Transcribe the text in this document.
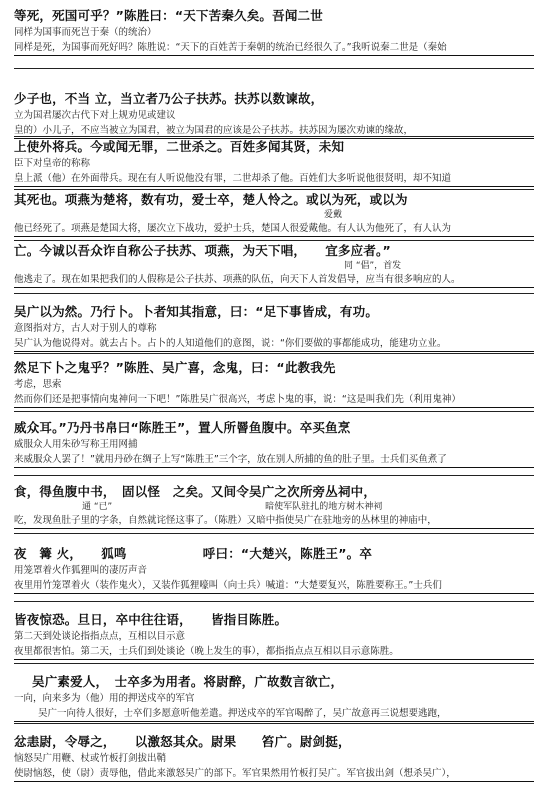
等死，死国可乎？”陈胜曰：“天下苦秦久矣。吾闻二世
同样为国事而死岂于秦（的统治）
同样是死，为国事而死好吗？陈胜说：“天下的百姓苦于秦朝的统治已经很久了。”我听说秦二世是（秦始
少子也，不当 立，当立者乃公子扶苏。扶苏以数谏故，
立为国君屡次古代下对上规劝见或建议
皇的）小儿子，不应当被立为国君，被立为国君的应该是公子扶苏。扶苏因为屡次劝谏的缘故，
上使外将兵。今或闻无罪，二世杀之。百姓多闻其贤，未知
臣下对皇帝的称称
皇上派（他）在外面带兵。现在有人听说他没有罪，二世却杀了他。百姓们大多听说他很贤明，却不知道
其死也。项燕为楚将，数有功，爱士卒，楚人怜之。或以为死，或以为
爱戴
他已经死了。项燕是楚国大将，屡次立下战功，爱护士兵，楚国人很爱戴他。有人认为他死了，有人认为
亡。今诚以吾众诈自称公子扶苏、项燕，为天下唱，　　宜多应者。”
同 “倡”，首发
他逃走了。现在如果把我们的人假称是公子扶苏、项燕的队伍，向天下人首发倡导，应当有很多响应的人。
吴广以为然。乃行卜。卜者知其指意，曰：“足下事皆成，有功。
意图指对方，古人对于别人的尊称
吴广认为他说得对。就去占卜。占卜的人知道他们的意图，说：“你们要做的事都能成功，能建功立业。
然足下卜之鬼乎？”陈胜、吴广喜，念鬼，曰：“此教我先
考虑，思索
然而你们还是把事情向鬼神问一下吧！”陈胜吴广很高兴，考虑卜鬼的事，说：“这是叫我们先（利用鬼神）
威众耳。”乃丹书帛曰“陈胜王”，置人所罾鱼腹中。卒买鱼烹
威服众人用朱砂写称王用网捕
来威服众人罢了！”就用丹砂在绸子上写“陈胜王”三个字，放在别人所捕的鱼的肚子里。士兵们买鱼煮了
食，得鱼腹中书，　固以怪　之矣。又间令吴广之次所旁丛祠中，
通 “已”　　　　　　　　　　　　　　　　　暗使军队驻扎的地方树木神祠
吃，发现鱼肚子里的字条，自然就诧怪这事了。（陈胜）又暗中指使吴广在驻地旁的丛林里的神庙中，
夜　篝 火，　　狐鸣　　　　　　呼曰：“大楚兴，陈胜王”。卒
用笼罩着火作狐狸叫的凄厉声音
夜里用竹笼罩着火（装作鬼火），又装作狐狸嚎叫（向士兵）喊道：“大楚要复兴，陈胜要称王。”士兵们
皆夜惊恐。旦日，卒中往往语，　　皆指目陈胜。
第二天到处谈论指指点点，互相以目示意
夜里都很害怕。第二天，士兵们到处谈论（晚上发生的事），都指指点点互相以目示意陈胜。
吴广素爱人，　士卒多为用者。将尉醉，广故数言欲亡，
一向，向来多为（他）用的押送戍卒的军官
吴广一向待人很好，士卒们多愿意听他差遣。押送戍卒的军官喝醉了，吴广故意再三说想要逃跑，
忿恚尉，令辱之，　　以激怒其众。尉果　　笞广。尉剑挺，
恼怒吴广用鞭、杖或竹板打剑拔出鞘
使尉恼怒，使（尉）责辱他，借此来激怒吴广的部下。军官果然用竹板打吴广。军官拔出剑（想杀吴广），
